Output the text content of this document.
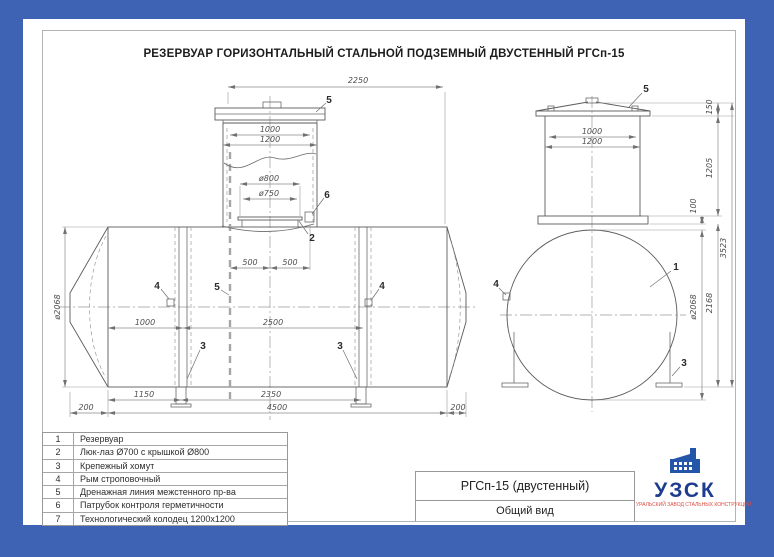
РЕЗЕРВУАР ГОРИЗОНТАЛЬНЫЙ СТАЛЬНОЙ ПОДЗЕМНЫЙ ДВУСТЕННЫЙ РГСп-15
2250
1000
1200
ø800
ø750
500	500
1000	2500
ø2068
1150	2350
4500
200	200
5
6
2
4	4
5
3	3
1000
1200
150
1205
100
ø2068 2168
3523
5
1
4
3
1	Резервуар
2	Люк-лаз Ø700 с крышкой Ø800
3	Крепежный хомут
4	Рым строповочный
5	Дренажная линия межстенного пр-ва
6	Патрубок контроля герметичности
7	Технологический колодец 1200х1200
РГСп-15 (двустенный)
Общий вид
УЗСК
УРАЛЬСКИЙ ЗАВОД СТАЛЬНЫХ КОНСТРУКЦИЙ
